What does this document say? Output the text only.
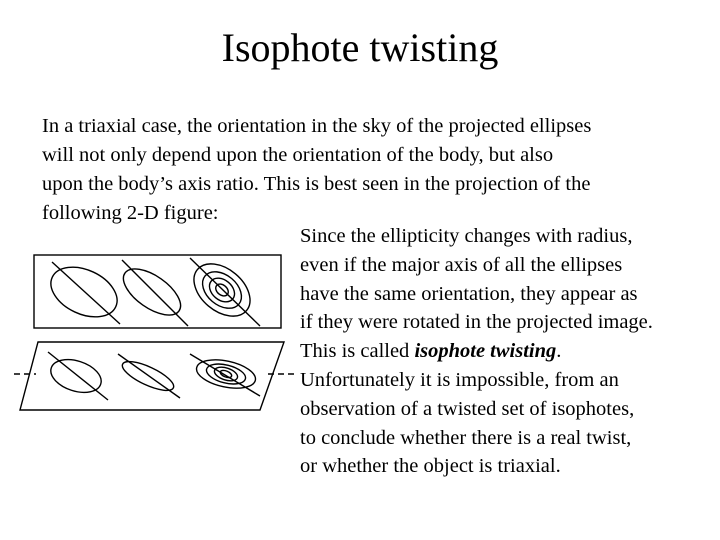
Isophote twisting
In a triaxial case, the orientation in the sky of the projected ellipses
will not only depend upon the orientation of the body, but also
upon the body’s axis ratio. This is best seen in the projection of the
following 2-D figure:
Since the ellipticity changes with radius,
even if the major axis of all the ellipses
have the same orientation, they appear as
if they were rotated in the projected image.
This is called isophote twisting.
Unfortunately it is impossible, from an
observation of a twisted set of isophotes,
to conclude whether there is a real twist,
or whether the object is triaxial.
